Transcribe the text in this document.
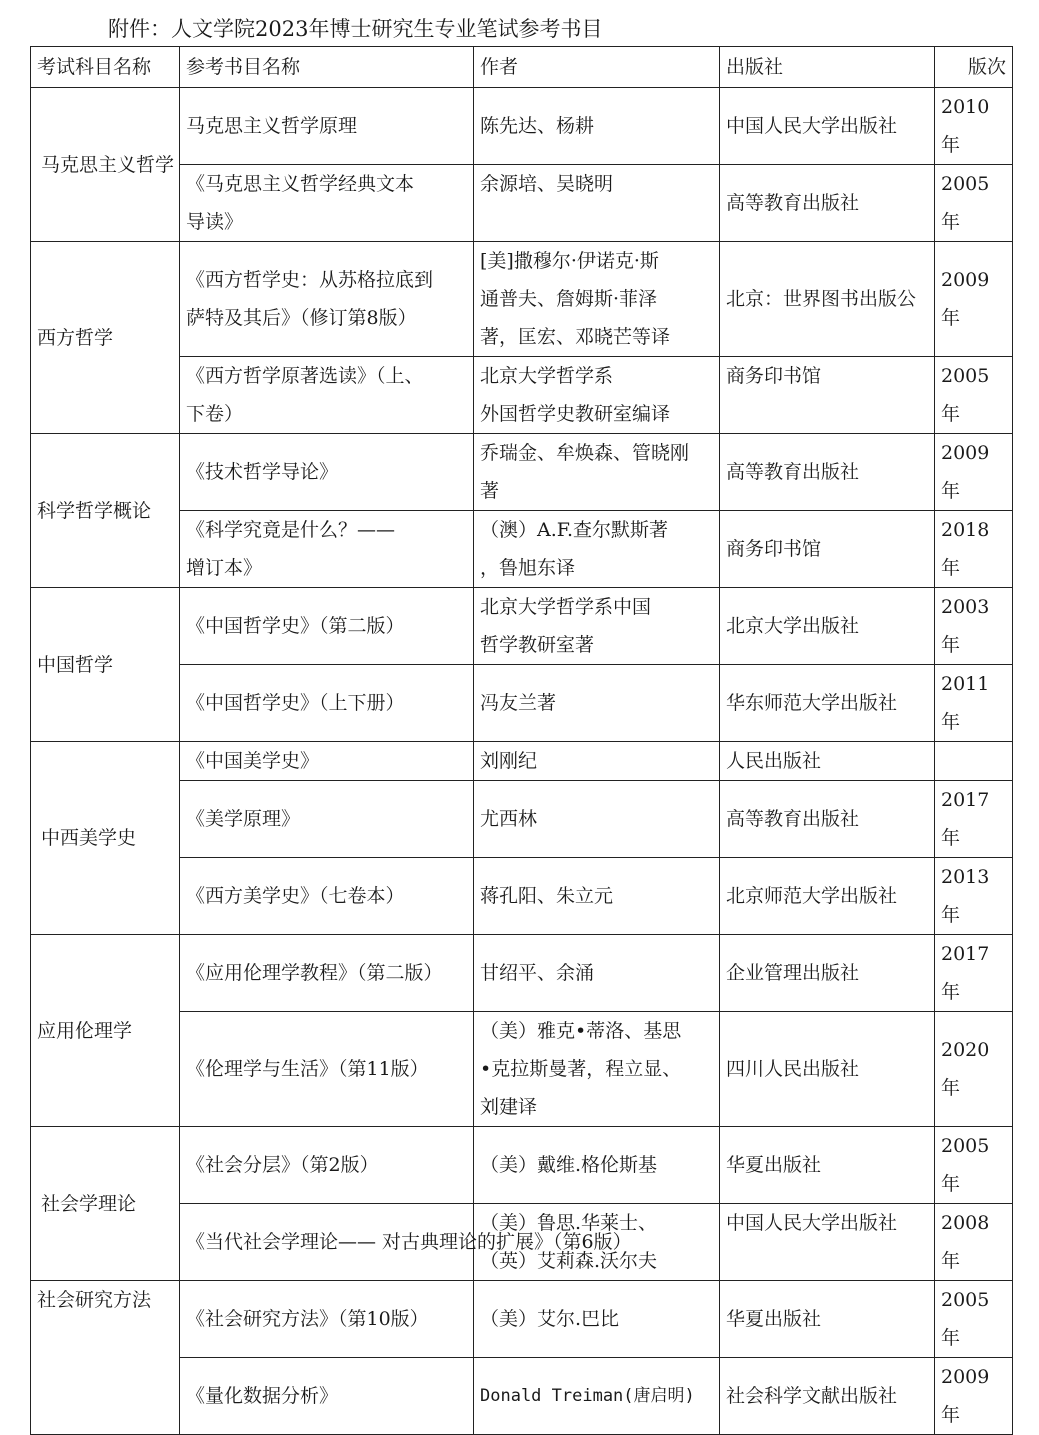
附件：人文学院2023年博士研究生专业笔试参考书目
考试科目名称	参考书目名称	作者	出版社	版次
马克思主义哲学	马克思主义哲学原理	陈先达、杨耕	中国人民大学出版社	2010年
	《马克思主义哲学经典文本
导读》	余源培、吴晓明	高等教育出版社	2005年
西方哲学	《西方哲学史：从苏格拉底到
萨特及其后》（修订第8版）	[美]撒穆尔·伊诺克·斯
通普夫、詹姆斯·菲泽
著，匡宏、邓晓芒等译	北京：世界图书出版公	2009年
	《西方哲学原著选读》（上、
下卷）	北京大学哲学系
外国哲学史教研室编译	商务印书馆	2005年
科学哲学概论	《技术哲学导论》	乔瑞金、牟焕森、管晓刚
著	高等教育出版社	2009年
	《科学究竟是什么？——
增订本》	（澳）A.F.查尔默斯著
，鲁旭东译	商务印书馆	2018年
中国哲学	《中国哲学史》（第二版）	北京大学哲学系中国
哲学教研室著	北京大学出版社	2003年
	《中国哲学史》（上下册）	冯友兰著	华东师范大学出版社	2011年
中西美学史	《中国美学史》	刘刚纪	人民出版社	
	《美学原理》	尤西林	高等教育出版社	2017年
	《西方美学史》（七卷本）	蒋孔阳、朱立元	北京师范大学出版社	2013年
应用伦理学	《应用伦理学教程》（第二版）	甘绍平、余涌	企业管理出版社	2017年
	《伦理学与生活》（第11版）	（美）雅克•蒂洛、基思
•克拉斯曼著，程立显、
刘建译	四川人民出版社	2020年
社会学理论	《社会分层》（第2版）	（美）戴维.格伦斯基	华夏出版社	2005年
	《当代社会学理论—— 对古典理论的扩展》（第6版）	（美）鲁思.华莱士、
（英）艾莉森.沃尔夫	中国人民大学出版社	2008年
社会研究方法	《社会研究方法》（第10版）	（美）艾尔.巴比	华夏出版社	2005年
	《量化数据分析》	Donald Treiman(唐启明)	社会科学文献出版社	2009年
